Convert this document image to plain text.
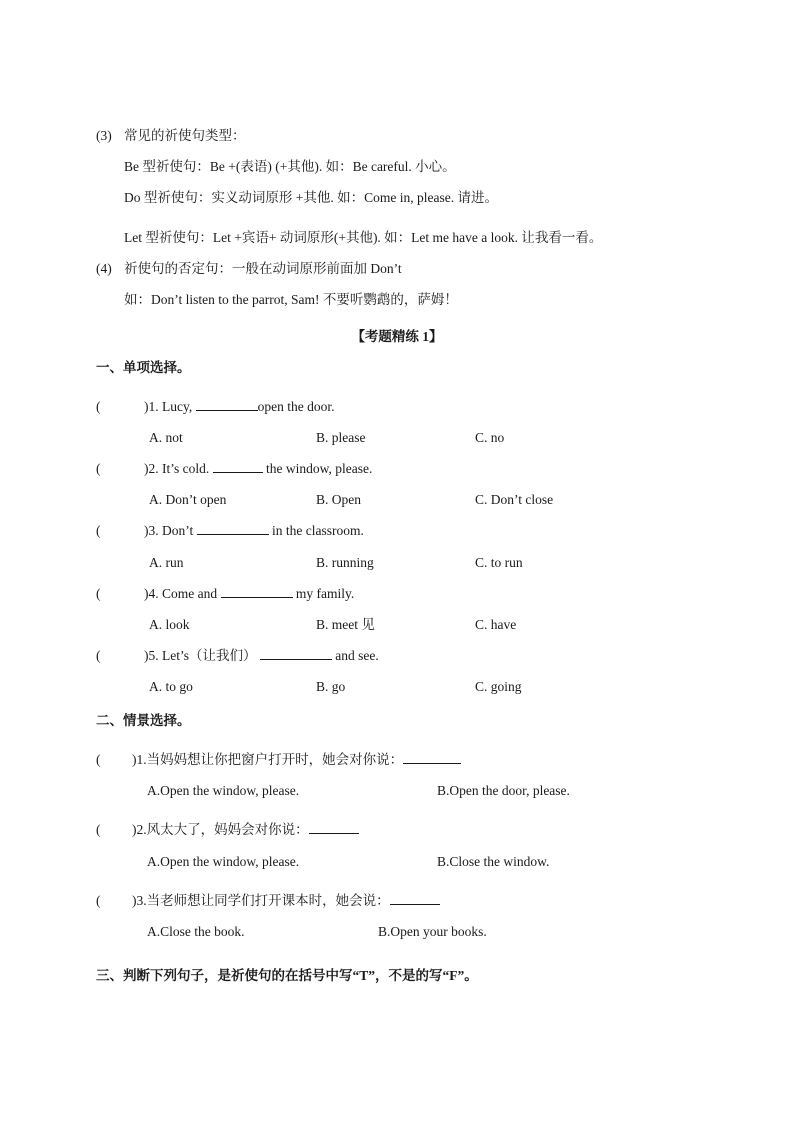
(3) 常见的祈使句类型：
Be 型祈使句：Be +(表语) (+其他). 如：Be careful. 小心。
Do 型祈使句：实义动词原形 +其他. 如：Come in, please. 请进。
Let 型祈使句：Let +宾语+ 动词原形(+其他). 如：Let me have a look. 让我看一看。
(4) 祈使句的否定句：一般在动词原形前面加 Don’t
如：Don’t listen to the parrot, Sam! 不要听鹦鹉的，萨姆！
【考题精练 1】
一、单项选择。
(	)1. Lucy,	open the door.
A. not	B. please	C. no
(	)2. It’s cold.	the window, please.
A. Don’t open	B. Open	C. Don’t close
(	)3. Don’t	in the classroom.
A. run	B. running	C. to run
(	)4. Come and	my family.
A. look	B. meet 见	C. have
(	)5. Let’s（让我们）	and see.
A. to go	B. go	C. going
二、情景选择。
( )1.当妈妈想让你把窗户打开时，她会对你说：
A.Open the window, please.	B.Open the door, please.
( )2.风太大了，妈妈会对你说：
A.Open the window, please.	B.Close the window.
( )3.当老师想让同学们打开课本时，她会说：
A.Close the book.	B.Open your books.
三、判断下列句子，是祈使句的在括号中写“T”，不是的写“F”。
